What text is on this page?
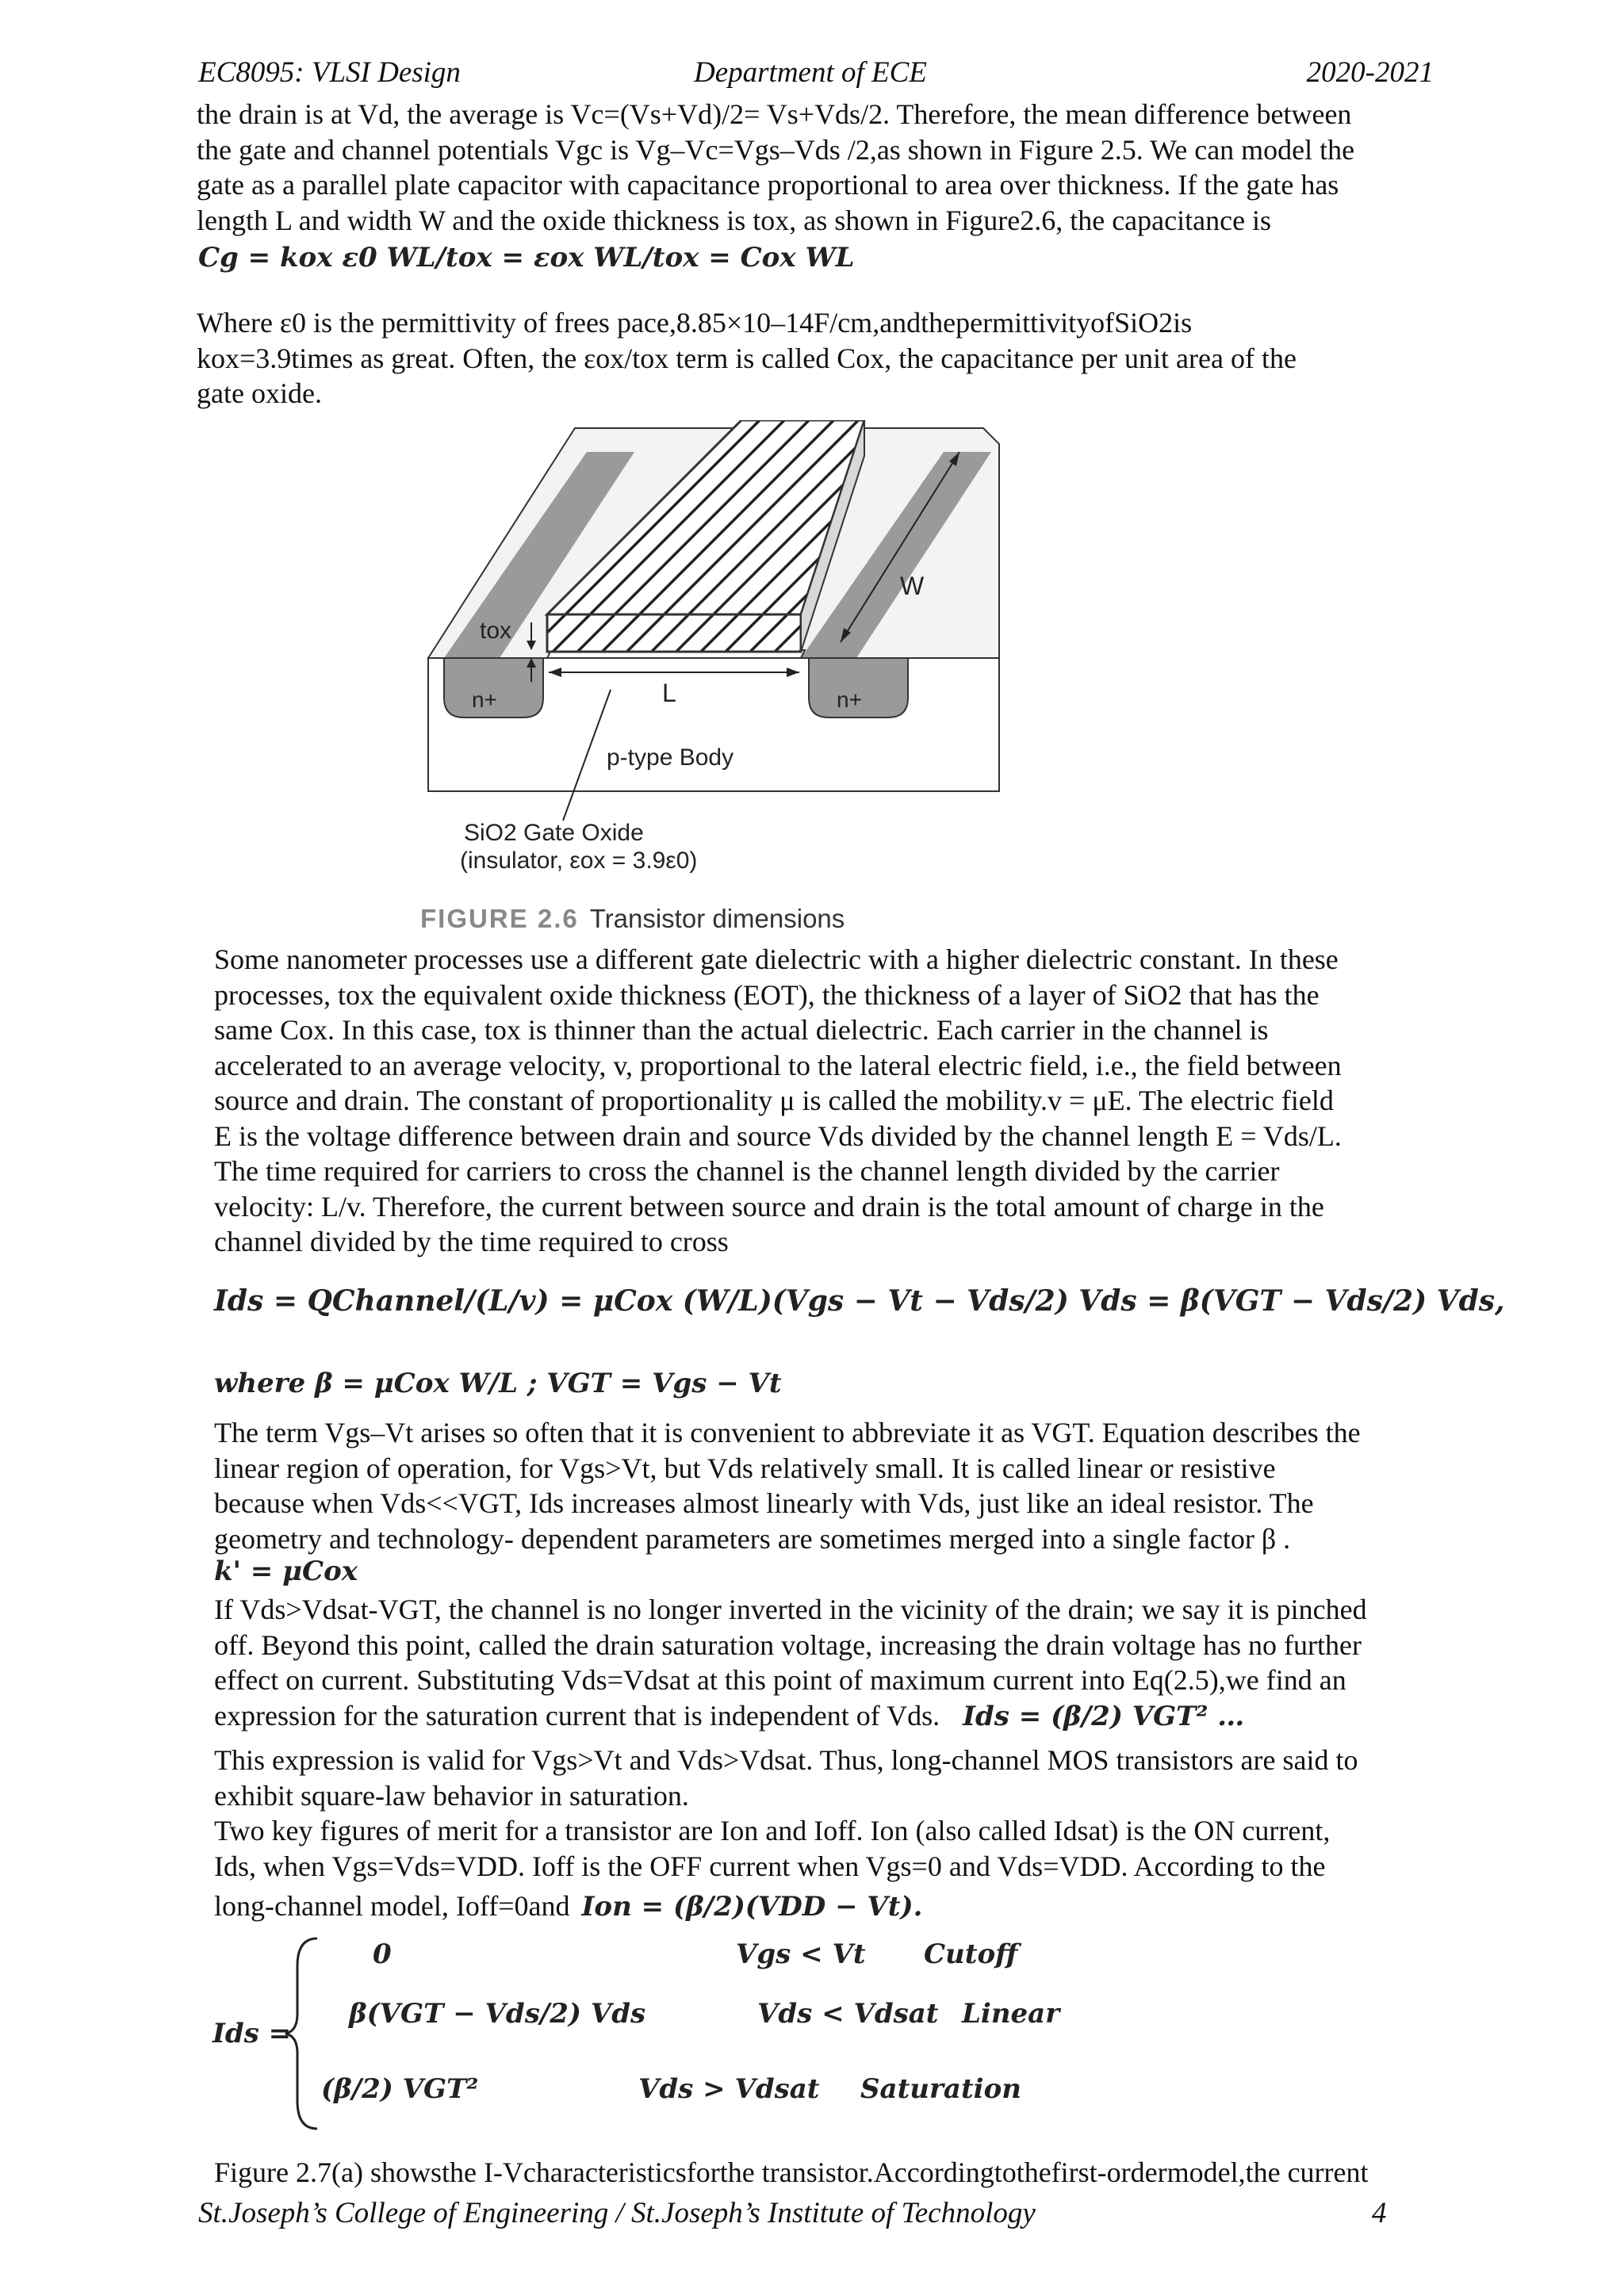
EC8095: VLSI Design	Department of ECE	2020-2021
the drain is at Vd, the average is Vc=(Vs+Vd)/2= Vs+Vds/2. Therefore, the mean difference between
the gate and channel potentials Vgc is Vg–Vc=Vgs–Vds /2,as shown in Figure 2.5. We can model the
gate as a parallel plate capacitor with capacitance proportional to area over thickness. If the gate has
length L and width W and the oxide thickness is tox, as shown in Figure2.6, the capacitance is
Cg = kox ε0 WL/tox = εox WL/tox = Cox WL
Where ε0 is the permittivity of frees pace,8.85×10–14F/cm,andthepermittivityofSiO2is
kox=3.9times as great. Often, the εox/tox term is called Cox, the capacitance per unit area of the
gate oxide.
W
L
tox
n+	n+
p-type Body
SiO2 Gate Oxide
(insulator, εox = 3.9ε0)
FIGURE 2.6 Transistor dimensions
Some nanometer processes use a different gate dielectric with a higher dielectric constant. In these
processes, tox the equivalent oxide thickness (EOT), the thickness of a layer of SiO2 that has the
same Cox. In this case, tox is thinner than the actual dielectric. Each carrier in the channel is
accelerated to an average velocity, v, proportional to the lateral electric field, i.e., the field between
source and drain. The constant of proportionality μ is called the mobility.v = μE. The electric field
E is the voltage difference between drain and source Vds divided by the channel length E = Vds/L.
The time required for carriers to cross the channel is the channel length divided by the carrier
velocity: L/v. Therefore, the current between source and drain is the total amount of charge in the
channel divided by the time required to cross
Ids = QChannel/(L/v) = μCox (W/L)(Vgs − Vt − Vds/2) Vds = β(VGT − Vds/2) Vds,
where β = μCox W/L ; VGT = Vgs − Vt
The term Vgs–Vt arises so often that it is convenient to abbreviate it as VGT. Equation describes the
linear region of operation, for Vgs>Vt, but Vds relatively small. It is called linear or resistive
because when Vds<<VGT, Ids increases almost linearly with Vds, just like an ideal resistor. The
geometry and technology- dependent parameters are sometimes merged into a single factor β .
k' = μCox
If Vds>Vdsat-VGT, the channel is no longer inverted in the vicinity of the drain; we say it is pinched
off. Beyond this point, called the drain saturation voltage, increasing the drain voltage has no further
effect on current. Substituting Vds=Vdsat at this point of maximum current into Eq(2.5),we find an
expression for the saturation current that is independent of Vds. Ids = (β/2) VGT² …
This expression is valid for Vgs>Vt and Vds>Vdsat. Thus, long-channel MOS transistors are said to
exhibit square-law behavior in saturation.
Two key figures of merit for a transistor are Ion and Ioff. Ion (also called Idsat) is the ON current,
Ids, when Vgs=Vds=VDD. Ioff is the OFF current when Vgs=0 and Vds=VDD. According to the
long-channel model, Ioff=0and Ion = (β/2)(VDD − Vt).
Ids =
0	Vgs < Vt Cutoff
β(VGT − Vds/2) Vds	Vds < Vdsat Linear
(β/2) VGT²	Vds > Vdsat Saturation
Figure 2.7(a) showsthe I-Vcharacteristicsforthe transistor.Accordingtothefirst-ordermodel,the current
St.Joseph’s College of Engineering / St.Joseph’s Institute of Technology	4
